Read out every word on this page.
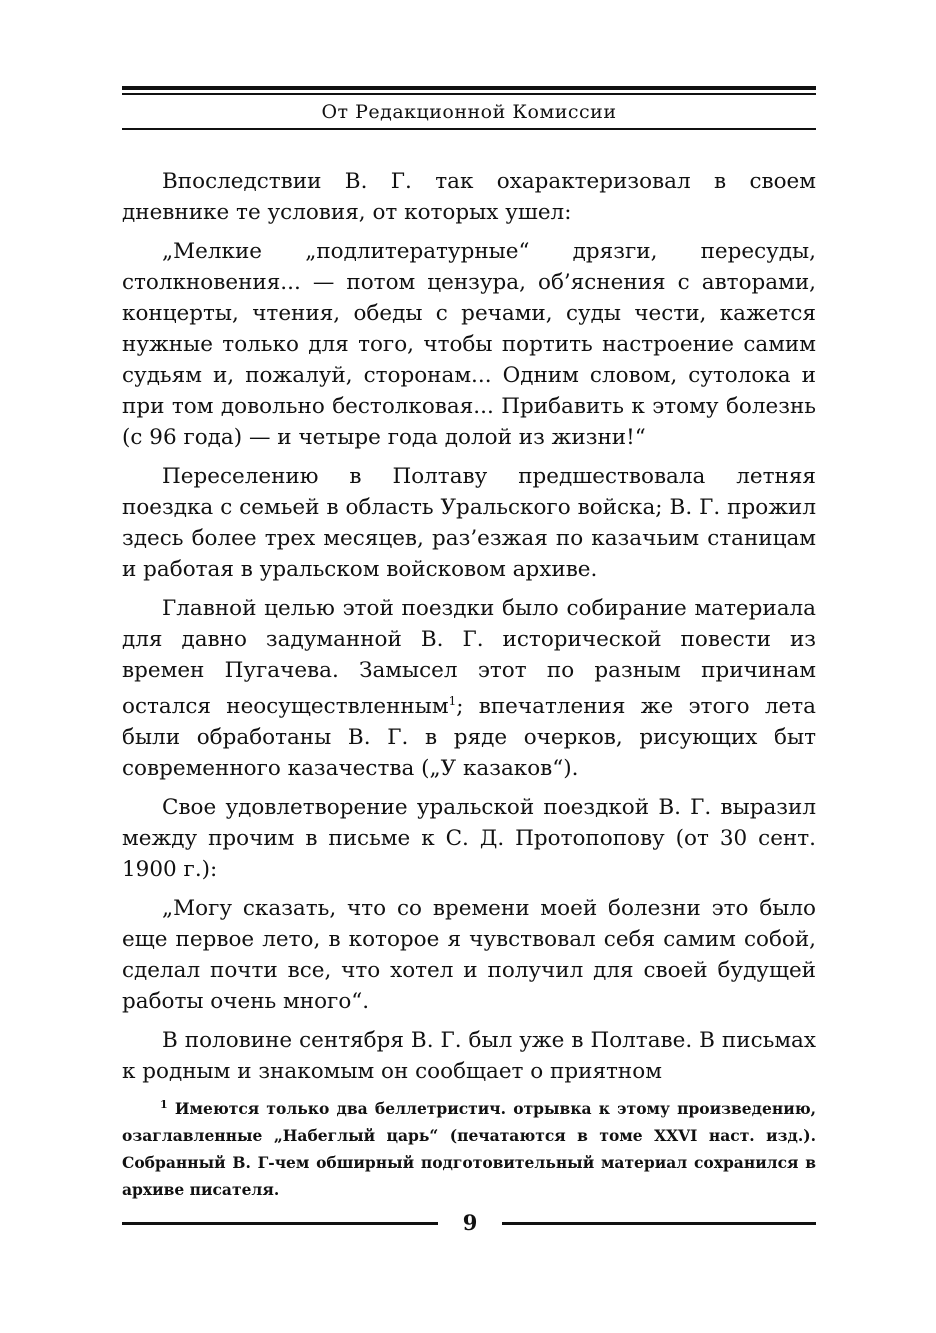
От Редакционной Комиссии

Впоследствии В. Г. так охарактеризовал в своем дневнике те условия, от которых ушел:

„Мелкие „подлитературные“ дрязги, пересуды, столкновения... — потом цензура, об’яснения с авторами, концерты, чтения, обеды с речами, суды чести, кажется нужные только для того, чтобы портить настроение самим судьям и, пожалуй, сторонам... Одним словом, сутолока и при том довольно бестолковая... Прибавить к этому болезнь (с 96 года) — и четыре года долой из жизни!“

Переселению в Полтаву предшествовала летняя поездка с семьей в область Уральского войска; В. Г. прожил здесь более трех месяцев, раз’езжая по казачьим станицам и работая в уральском войсковом архиве.

Главной целью этой поездки было собирание материала для давно задуманной В. Г. исторической повести из времен Пугачева. Замысел этот по разным причинам остался неосуществленным$^1$; впечатления же этого лета были обработаны В. Г. в ряде очерков, рисующих быт современного казачества („У казаков“).

Свое удовлетворение уральской поездкой В. Г. выразил между прочим в письме к С. Д. Протопопову (от 30 сент. 1900 г.):

„Могу сказать, что со времени моей болезни это было еще первое лето, в которое я чувствовал себя самим собой, сделал почти все, что хотел и получил для своей будущей работы очень много“.

В половине сентября В. Г. был уже в Полтаве. В письмах к родным и знакомым он сообщает о приятном

$^1$ Имеются только два беллетристич. отрывка к этому произведению, озаглавленные „Набеглый царь“ (печатаются в томе XXVI наст. изд.). Собранный В. Г-чем обширный подготовительный материал сохранился в архиве писателя.

9
